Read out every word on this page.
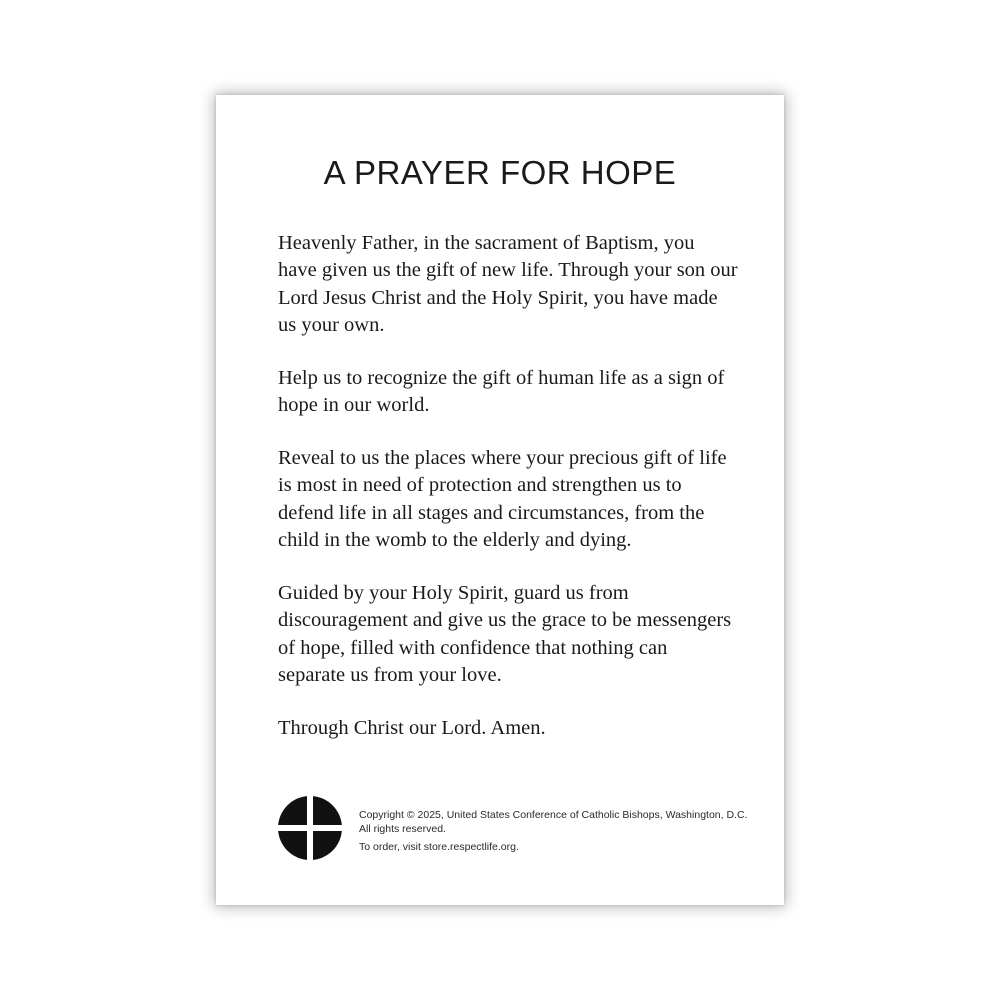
A PRAYER FOR HOPE

Heavenly Father, in the sacrament of Baptism, you have given us the gift of new life. Through your son our Lord Jesus Christ and the Holy Spirit, you have made us your own.

Help us to recognize the gift of human life as a sign of hope in our world.

Reveal to us the places where your precious gift of life is most in need of protection and strengthen us to defend life in all stages and circumstances, from the child in the womb to the elderly and dying.

Guided by your Holy Spirit, guard us from discouragement and give us the grace to be messengers of hope, filled with confidence that nothing can separate us from your love.

Through Christ our Lord. Amen.

Copyright © 2025, United States Conference of Catholic Bishops, Washington, D.C. All rights reserved.

To order, visit store.respectlife.org.
